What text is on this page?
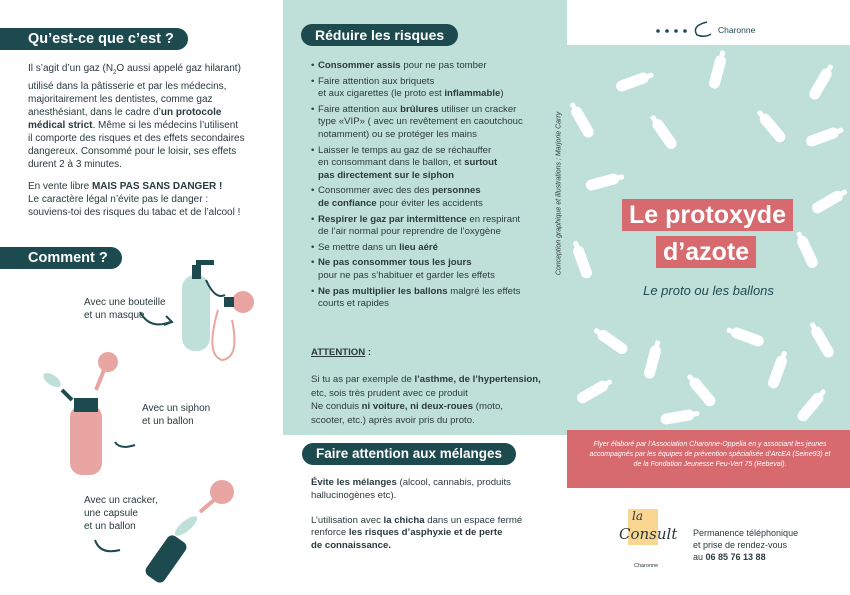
Qu’est-ce que c’est ?
Il s’agit d’un gaz ($N_2O$ aussi appelé gaz hilarant)
utilisé dans la pâtisserie et par les médecins,
majoritairement les dentistes, comme gaz
anesthésiant, dans le cadre d’un protocole
médical strict. Même si les médecins l’utilisent
il comporte des risques et des effets secondaires
dangereux. Consommé pour le loisir, ses effets
durent 2 à 3 minutes.
En vente libre MAIS PAS SANS DANGER !
Le caractère légal n’évite pas le danger :
souviens-toi des risques du tabac et de l’alcool !
Comment ?
Avec une bouteille
et un masque
Avec un siphon
et un ballon
Avec un cracker,
une capsule
et un ballon
Réduire les risques
• Consommer assis pour ne pas tomber
• Faire attention aux briquets
et aux cigarettes (le proto est inflammable)
• Faire attention aux brûlures utiliser un cracker
type «VIP» ( avec un revêtement en caoutchouc
notamment) ou se protéger les mains
• Laisser le temps au gaz de se réchauffer
en consommant dans le ballon, et surtout
pas directement sur le siphon
• Consommer avec des des personnes
de confiance pour éviter les accidents
• Respirer le gaz par intermittence en respirant
de l’air normal pour reprendre de l’oxygène
• Se mettre dans un lieu aéré
• Ne pas consommer tous les jours
pour ne pas s’habituer et garder les effets
• Ne pas multiplier les ballons malgré les effets
courts et rapides
ATTENTION :

Si tu as par exemple de l’asthme, de l’hypertension,
etc, sois très prudent avec ce produit
Ne conduis ni voiture, ni deux-roues (moto,
scooter, etc.) après avoir pris du proto.
Faire attention aux mélanges
Évite les mélanges (alcool, cannabis, produits
hallucinogènes etc).

L’utilisation avec la chicha dans un espace fermé
renforce les risques d’asphyxie et de perte
de connaissance.
Conception graphique et illustrations : Marjorie Carry
Charonne
Le protoxyde
d’azote
Le proto ou les ballons
Flyer élaboré par l’Association Charonne-Oppelia en y associant les jeunes accompagnés par les équipes de prévention spécialisée d’ArcEA (Seine93) et de la Fondation Jeunesse Feu-Vert 75 (Rebeval).
la
Consult
Charonne
Permanence téléphonique
et prise de rendez-vous
au 06 85 76 13 88
